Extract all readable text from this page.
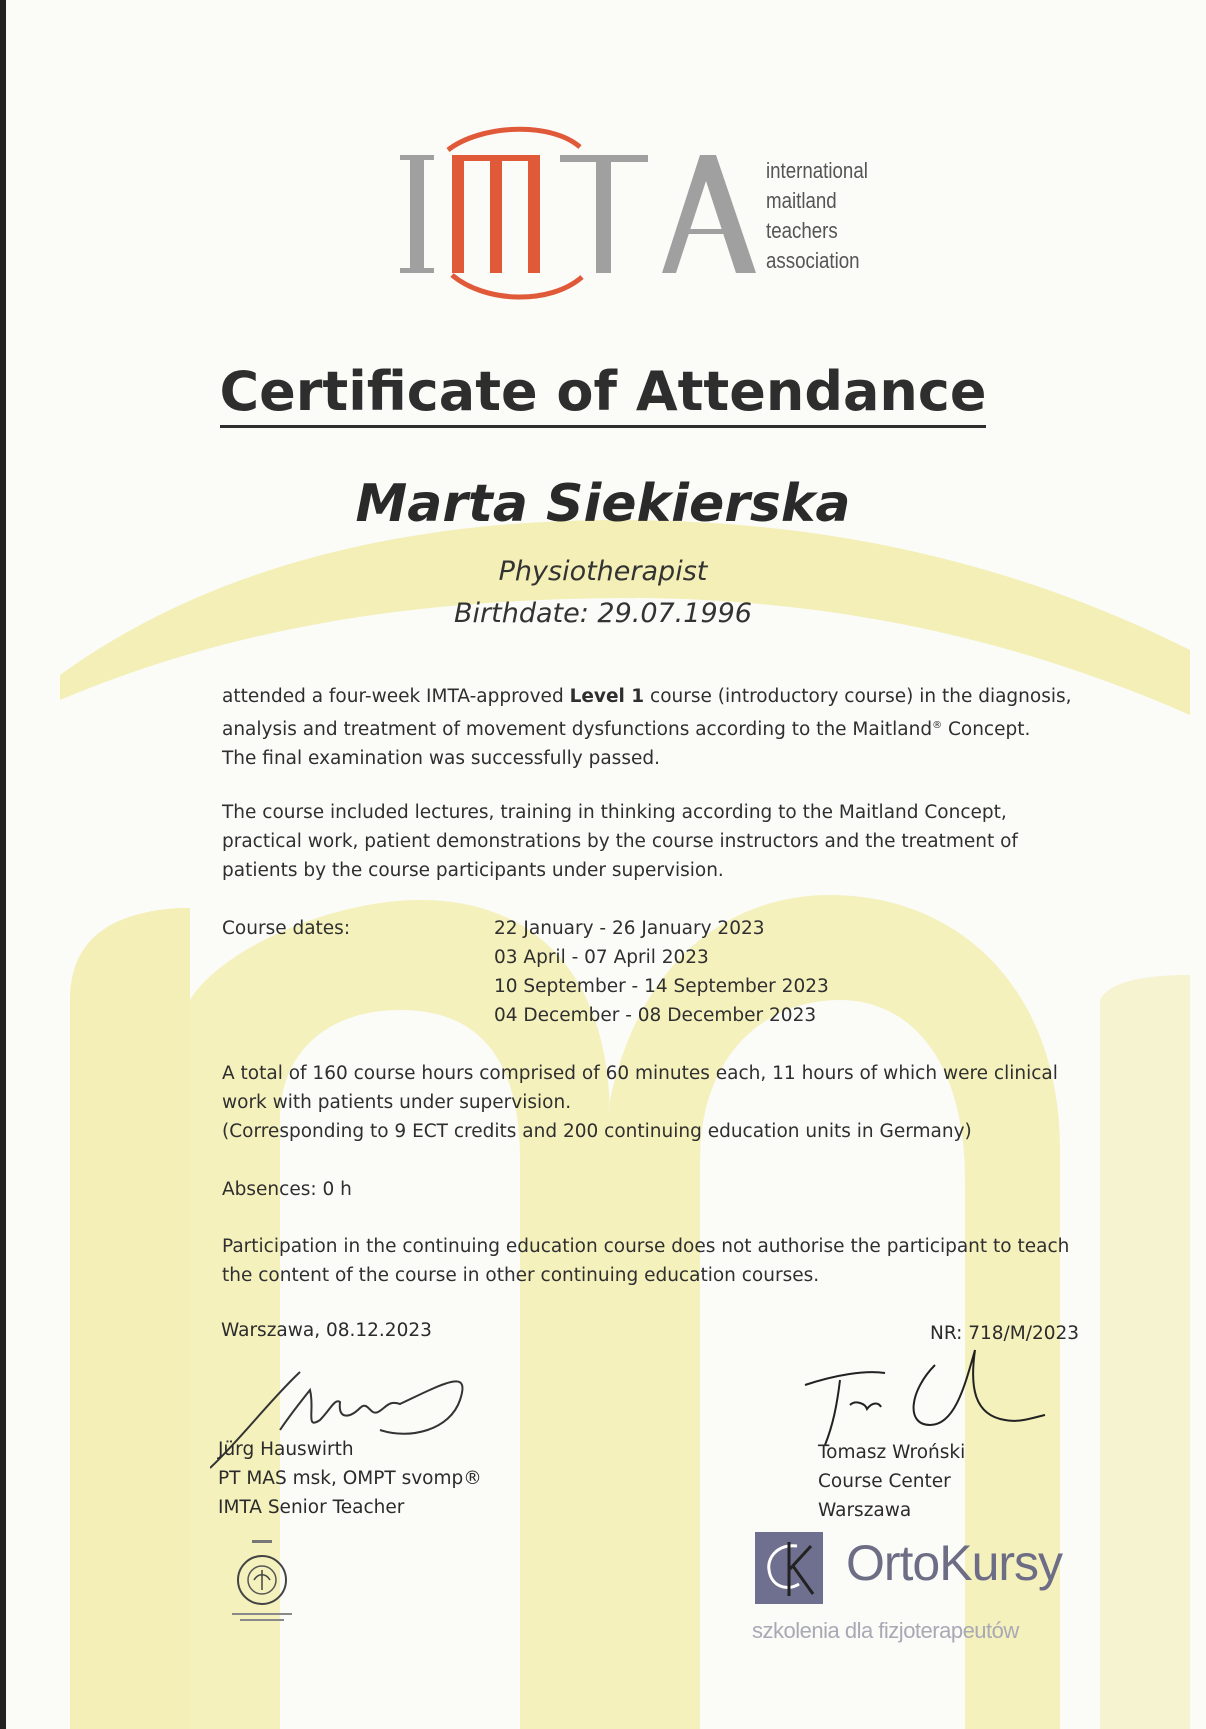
international
maitland
teachers
association
Certificate of Attendance
Marta Siekierska
Physiotherapist
Birthdate: 29.07.1996

attended a four-week IMTA-approved Level 1 course (introductory course) in the diagnosis,

analysis and treatment of movement dysfunctions according to the Maitland® Concept.

The final examination was successfully passed.

The course included lectures, training in thinking according to the Maitland Concept,

practical work, patient demonstrations by the course instructors and the treatment of

patients by the course participants under supervision.

Course dates:	22 January - 26 January 2023
03 April - 07 April 2023
10 September - 14 September 2023
04 December - 08 December 2023

A total of 160 course hours comprised of 60 minutes each, 11 hours of which were clinical

work with patients under supervision.

(Corresponding to 9 ECT credits and 200 continuing education units in Germany)

Absences: 0 h

Participation in the continuing education course does not authorise the participant to teach

the content of the course in other continuing education courses.

Warszawa, 08.12.2023	NR: 718/M/2023
Jürg Hauswirth
PT MAS msk, OMPT svomp®
IMTA Senior Teacher
Tomasz Wroński
Course Center
Warszawa
OrtoKursy
szkolenia dla fizjoterapeutów
